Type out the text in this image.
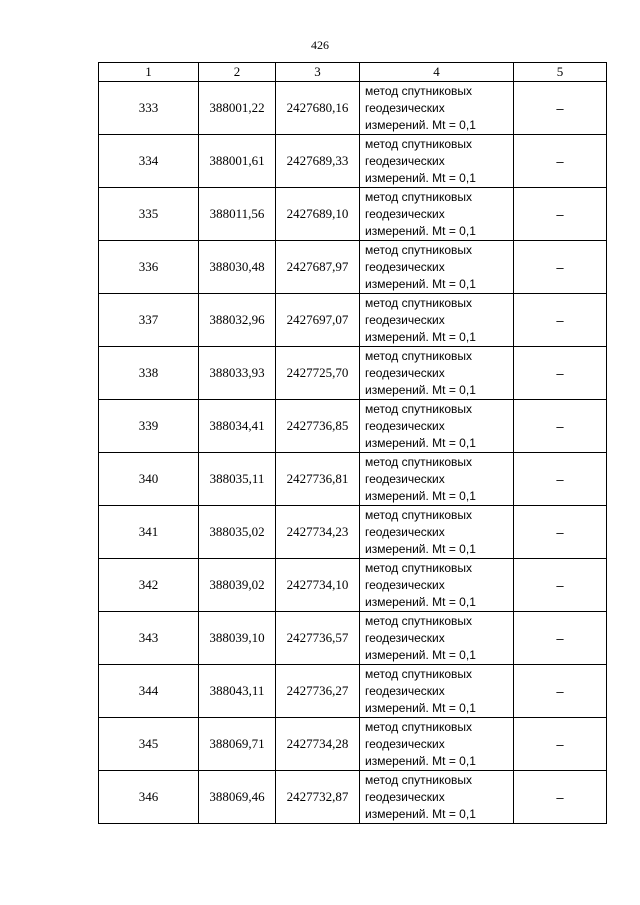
426
1	2	3	4	5
333	388001,22	2427680,16	метод спутниковых
геодезических
измерений. Mt = 0,1	–
334	388001,61	2427689,33	метод спутниковых
геодезических
измерений. Mt = 0,1	–
335	388011,56	2427689,10	метод спутниковых
геодезических
измерений. Mt = 0,1	–
336	388030,48	2427687,97	метод спутниковых
геодезических
измерений. Mt = 0,1	–
337	388032,96	2427697,07	метод спутниковых
геодезических
измерений. Mt = 0,1	–
338	388033,93	2427725,70	метод спутниковых
геодезических
измерений. Mt = 0,1	–
339	388034,41	2427736,85	метод спутниковых
геодезических
измерений. Mt = 0,1	–
340	388035,11	2427736,81	метод спутниковых
геодезических
измерений. Mt = 0,1	–
341	388035,02	2427734,23	метод спутниковых
геодезических
измерений. Mt = 0,1	–
342	388039,02	2427734,10	метод спутниковых
геодезических
измерений. Mt = 0,1	–
343	388039,10	2427736,57	метод спутниковых
геодезических
измерений. Mt = 0,1	–
344	388043,11	2427736,27	метод спутниковых
геодезических
измерений. Mt = 0,1	–
345	388069,71	2427734,28	метод спутниковых
геодезических
измерений. Mt = 0,1	–
346	388069,46	2427732,87	метод спутниковых
геодезических
измерений. Mt = 0,1	–
